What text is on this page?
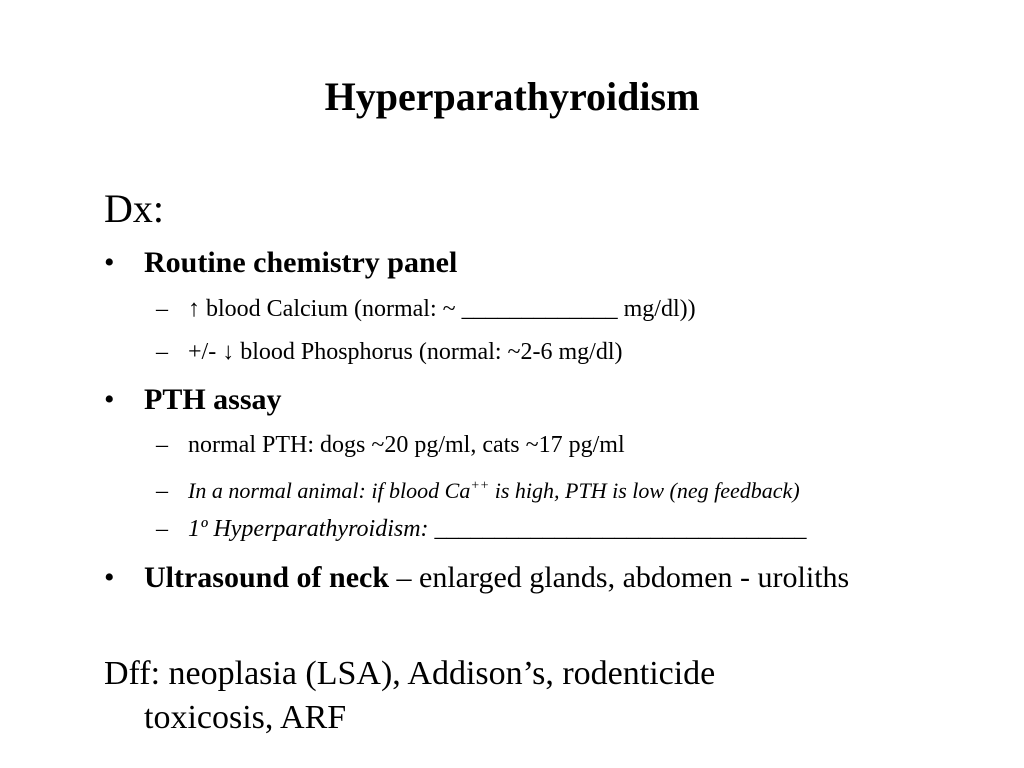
Hyperparathyroidism
Dx:
• Routine chemistry panel
– ↑ blood Calcium (normal: ~ _____________ mg/dl))
– +/- ↓ blood Phosphorus (normal: ~2-6 mg/dl)
• PTH assay
– normal PTH: dogs ~20 pg/ml, cats ~17 pg/ml
– In a normal animal: if blood Ca++ is high, PTH is low (neg feedback)
– 1º Hyperparathyroidism: _______________________________
• Ultrasound of neck – enlarged glands, abdomen - uroliths
Dff: neoplasia (LSA), Addison’s, rodenticide
toxicosis, ARF
